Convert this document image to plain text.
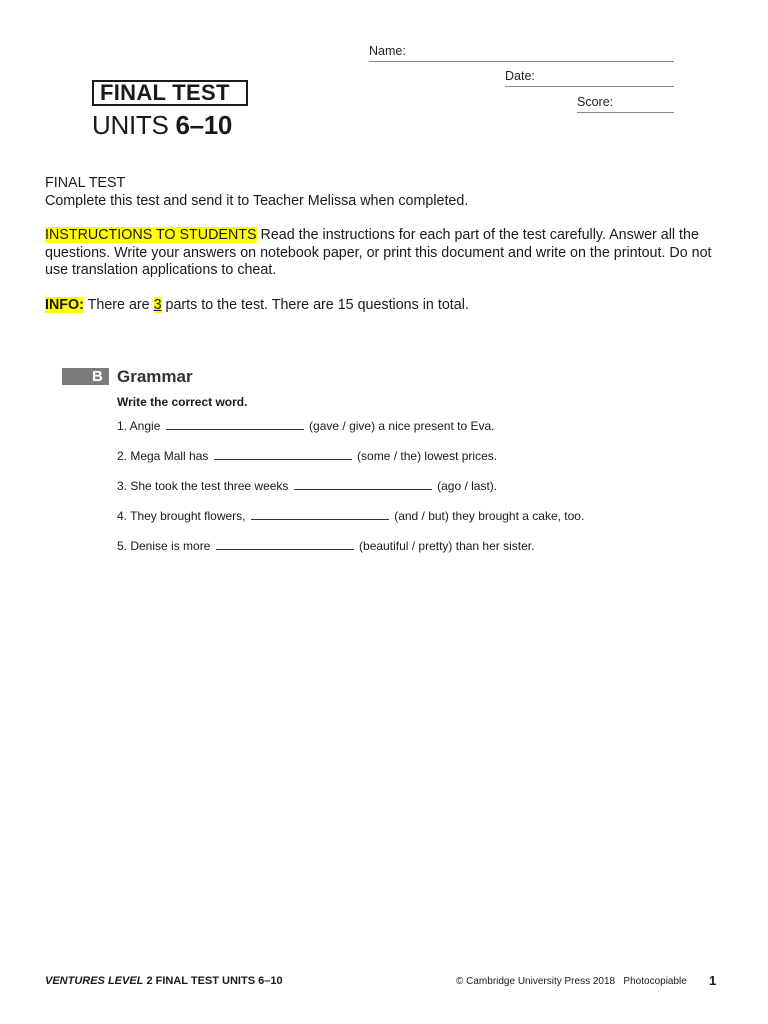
Name:
Date:
Score:
FINAL TEST
UNITS 6–10

FINAL TEST

Complete this test and send it to Teacher Melissa when completed.

INSTRUCTIONS TO STUDENTS Read the instructions for each part of the test carefully. Answer all the questions. Write your answers on notebook paper, or print this document and write on the printout. Do not use translation applications to cheat.

INFO: There are 3 parts to the test. There are 15 questions in total.

B Grammar
Write the correct word.
1. Angie	(gave / give) a nice present to Eva.
2. Mega Mall has	(some / the) lowest prices.
3. She took the test three weeks	(ago / last).
4. They brought flowers,	(and / but) they brought a cake, too.
5. Denise is more	(beautiful / pretty) than her sister.
VENTURES LEVEL 2 FINAL TEST UNITS 6–10	© Cambridge University Press 2018   Photocopiable 1
